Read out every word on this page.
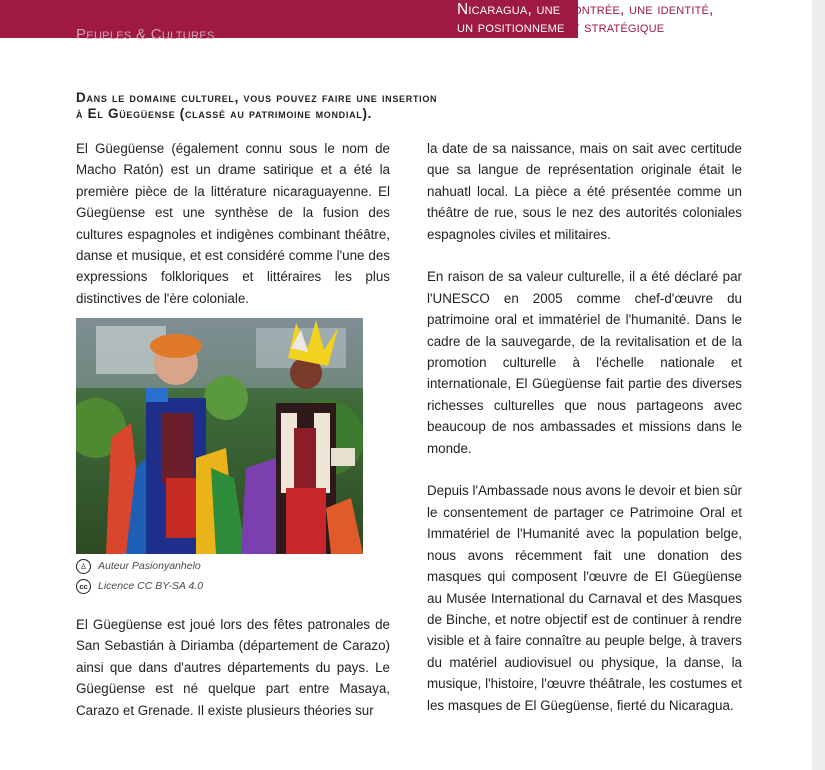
Peuples & Cultures
Nicaragua, une contrée, une identité,
un positionnement stratégique
Dans le domaine culturel, vous pouvez faire une insertion
à El Güegüense (classé au patrimoine mondial).

El Güegüense (également connu sous le nom de Macho Ratón) est un drame satirique et a été la première pièce de la littérature nicaraguayenne. El Güegüense est une synthèse de la fusion des cultures espagnoles et indigènes combinant théâtre, danse et musique, et est considéré comme l'une des expressions folkloriques et littéraires les plus distinctives de l'ère coloniale.

♙	Auteur Pasionyanhelo
cc Licence CC BY-SA 4.0

El Güegüense est joué lors des fêtes patronales de San Sebastián à Diriamba (département de Carazo) ainsi que dans d'autres départements du pays. Le Güegüense est né quelque part entre Masaya, Carazo et Grenade. Il existe plusieurs théories sur

la date de sa naissance, mais on sait avec certitude que sa langue de représentation originale était le nahuatl local. La pièce a été présentée comme un théâtre de rue, sous le nez des autorités coloniales espagnoles civiles et militaires.

En raison de sa valeur culturelle, il a été déclaré par l'UNESCO en 2005 comme chef-d'œuvre du patrimoine oral et immatériel de l'humanité. Dans le cadre de la sauvegarde, de la revitalisation et de la promotion culturelle à l'échelle nationale et internationale, El Güegüense fait partie des diverses richesses culturelles que nous partageons avec beaucoup de nos ambassades et missions dans le monde.

Depuis l'Ambassade nous avons le devoir et bien sûr le consentement de partager ce Patrimoine Oral et Immatériel de l'Humanité avec la population belge, nous avons récemment fait une donation des masques qui composent l'œuvre de El Güegüense au Musée International du Carnaval et des Masques de Binche, et notre objectif est de continuer à rendre visible et à faire connaître au peuple belge, à travers du matériel audiovisuel ou physique, la danse, la musique, l'histoire, l'œuvre théâtrale, les costumes et les masques de El Güegüense, fierté du Nicaragua.
